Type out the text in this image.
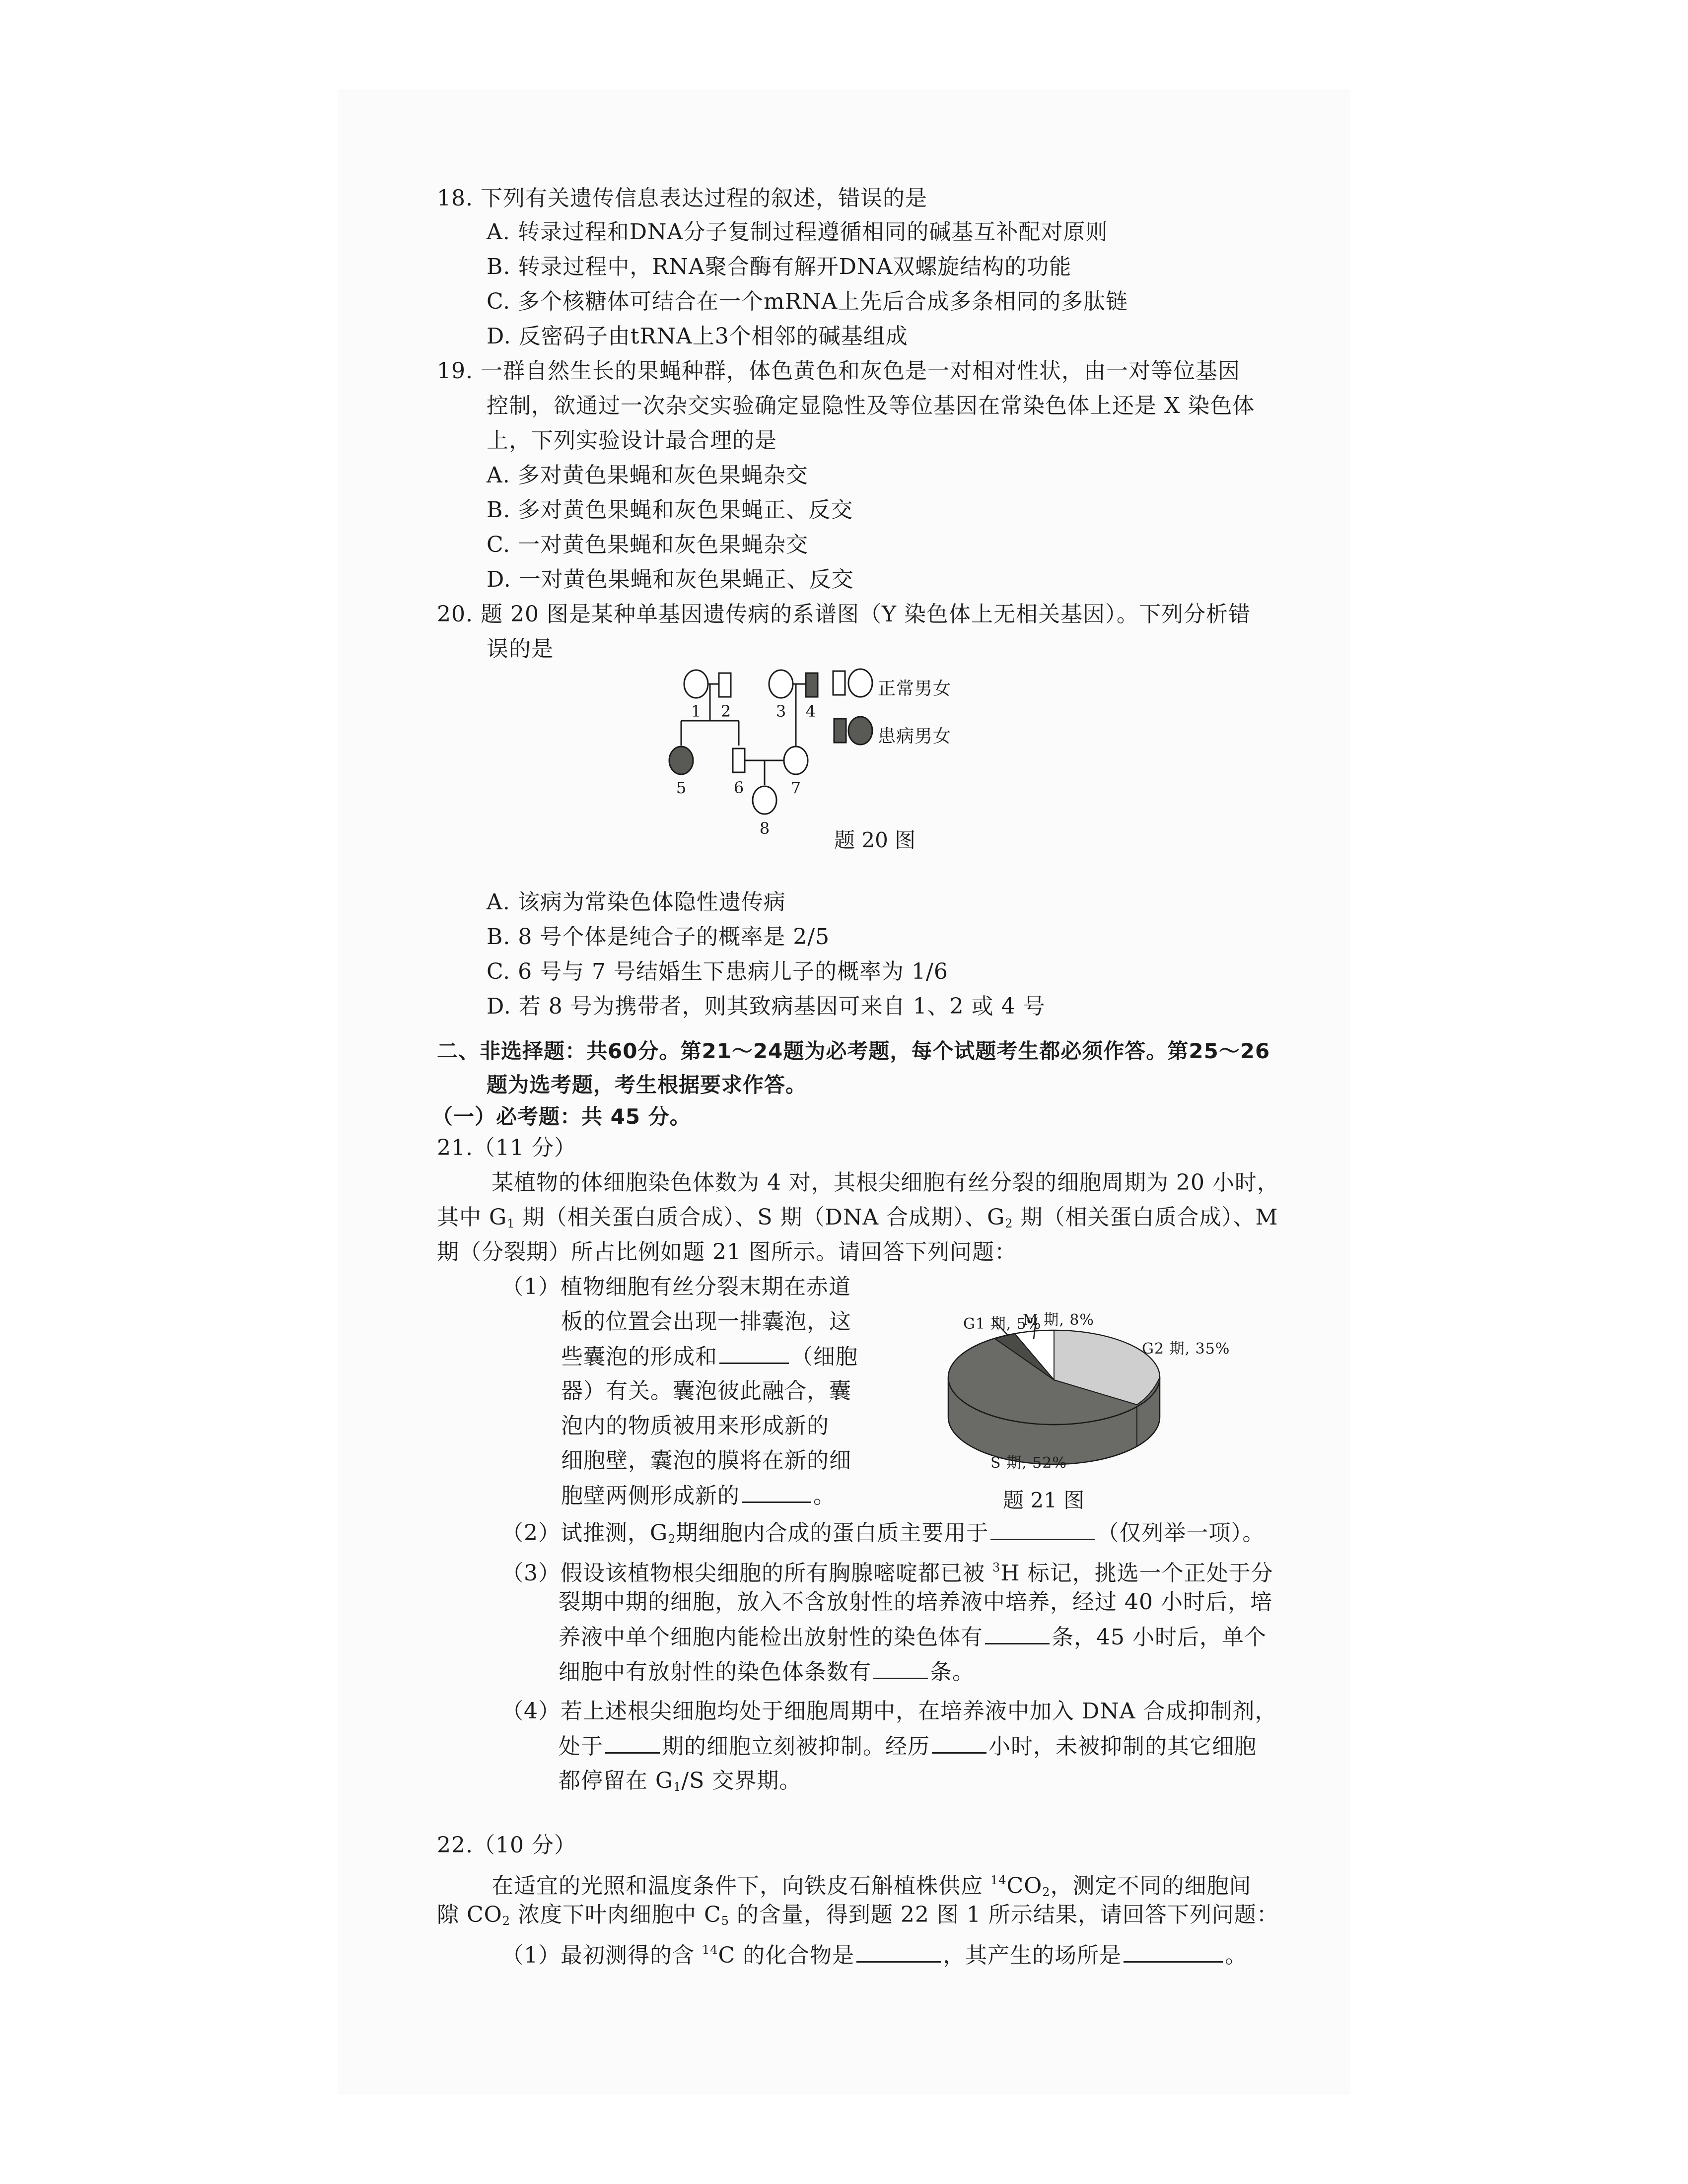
18. 下列有关遗传信息表达过程的叙述，错误的是
A. 转录过程和DNA分子复制过程遵循相同的碱基互补配对原则
B. 转录过程中，RNA聚合酶有解开DNA双螺旋结构的功能
C. 多个核糖体可结合在一个mRNA上先后合成多条相同的多肽链
D. 反密码子由tRNA上3个相邻的碱基组成
19. 一群自然生长的果蝇种群，体色黄色和灰色是一对相对性状，由一对等位基因
控制，欲通过一次杂交实验确定显隐性及等位基因在常染色体上还是 X 染色体
上，下列实验设计最合理的是
A. 多对黄色果蝇和灰色果蝇杂交
B. 多对黄色果蝇和灰色果蝇正、反交
C. 一对黄色果蝇和灰色果蝇杂交
D. 一对黄色果蝇和灰色果蝇正、反交
20. 题 20 图是某种单基因遗传病的系谱图（Y 染色体上无相关基因）。下列分析错
误的是
1 2	3 4
5	6	7
8
正常男女
患病男女
题 20 图
A. 该病为常染色体隐性遗传病
B. 8 号个体是纯合子的概率是 2/5
C. 6 号与 7 号结婚生下患病儿子的概率为 1/6
D. 若 8 号为携带者，则其致病基因可来自 1、2 或 4 号
二、非选择题：共60分。第21～24题为必考题，每个试题考生都必须作答。第25～26
题为选考题，考生根据要求作答。
（一）必考题：共 45 分。
21.（11 分）
某植物的体细胞染色体数为 4 对，其根尖细胞有丝分裂的细胞周期为 20 小时，
其中 $G_1$ 期（相关蛋白质合成）、S 期（DNA 合成期）、$G_2$ 期（相关蛋白质合成）、M
期（分裂期）所占比例如题 21 图所示。请回答下列问题：
（1）植物细胞有丝分裂末期在赤道
板的位置会出现一排囊泡，这
些囊泡的形成和	（细胞
器）有关。囊泡彼此融合，囊
泡内的物质被用来形成新的
细胞壁，囊泡的膜将在新的细
胞壁两侧形成新的	。
G1 期, 5%
M 期, 8%
G2 期, 35%
S 期, 52%
题 21 图
（2）试推测，$G_2$期细胞内合成的蛋白质主要用于	（仅列举一项）。
（3）假设该植物根尖细胞的所有胸腺嘧啶都已被 $^3$H 标记，挑选一个正处于分
裂期中期的细胞，放入不含放射性的培养液中培养，经过 40 小时后，培
养液中单个细胞内能检出放射性的染色体有	条，45 小时后，单个
细胞中有放射性的染色体条数有	条。
（4）若上述根尖细胞均处于细胞周期中，在培养液中加入 DNA 合成抑制剂，
处于	期的细胞立刻被抑制。经历	小时，未被抑制的其它细胞
都停留在 $G_1/S$ 交界期。
22.（10 分）
在适宜的光照和温度条件下，向铁皮石斛植株供应 $^{14}CO_2$，测定不同的细胞间
隙 $CO_2$ 浓度下叶肉细胞中 $C_5$ 的含量，得到题 22 图 1 所示结果，请回答下列问题：
（1）最初测得的含 $^{14}$C 的化合物是	，其产生的场所是	。
